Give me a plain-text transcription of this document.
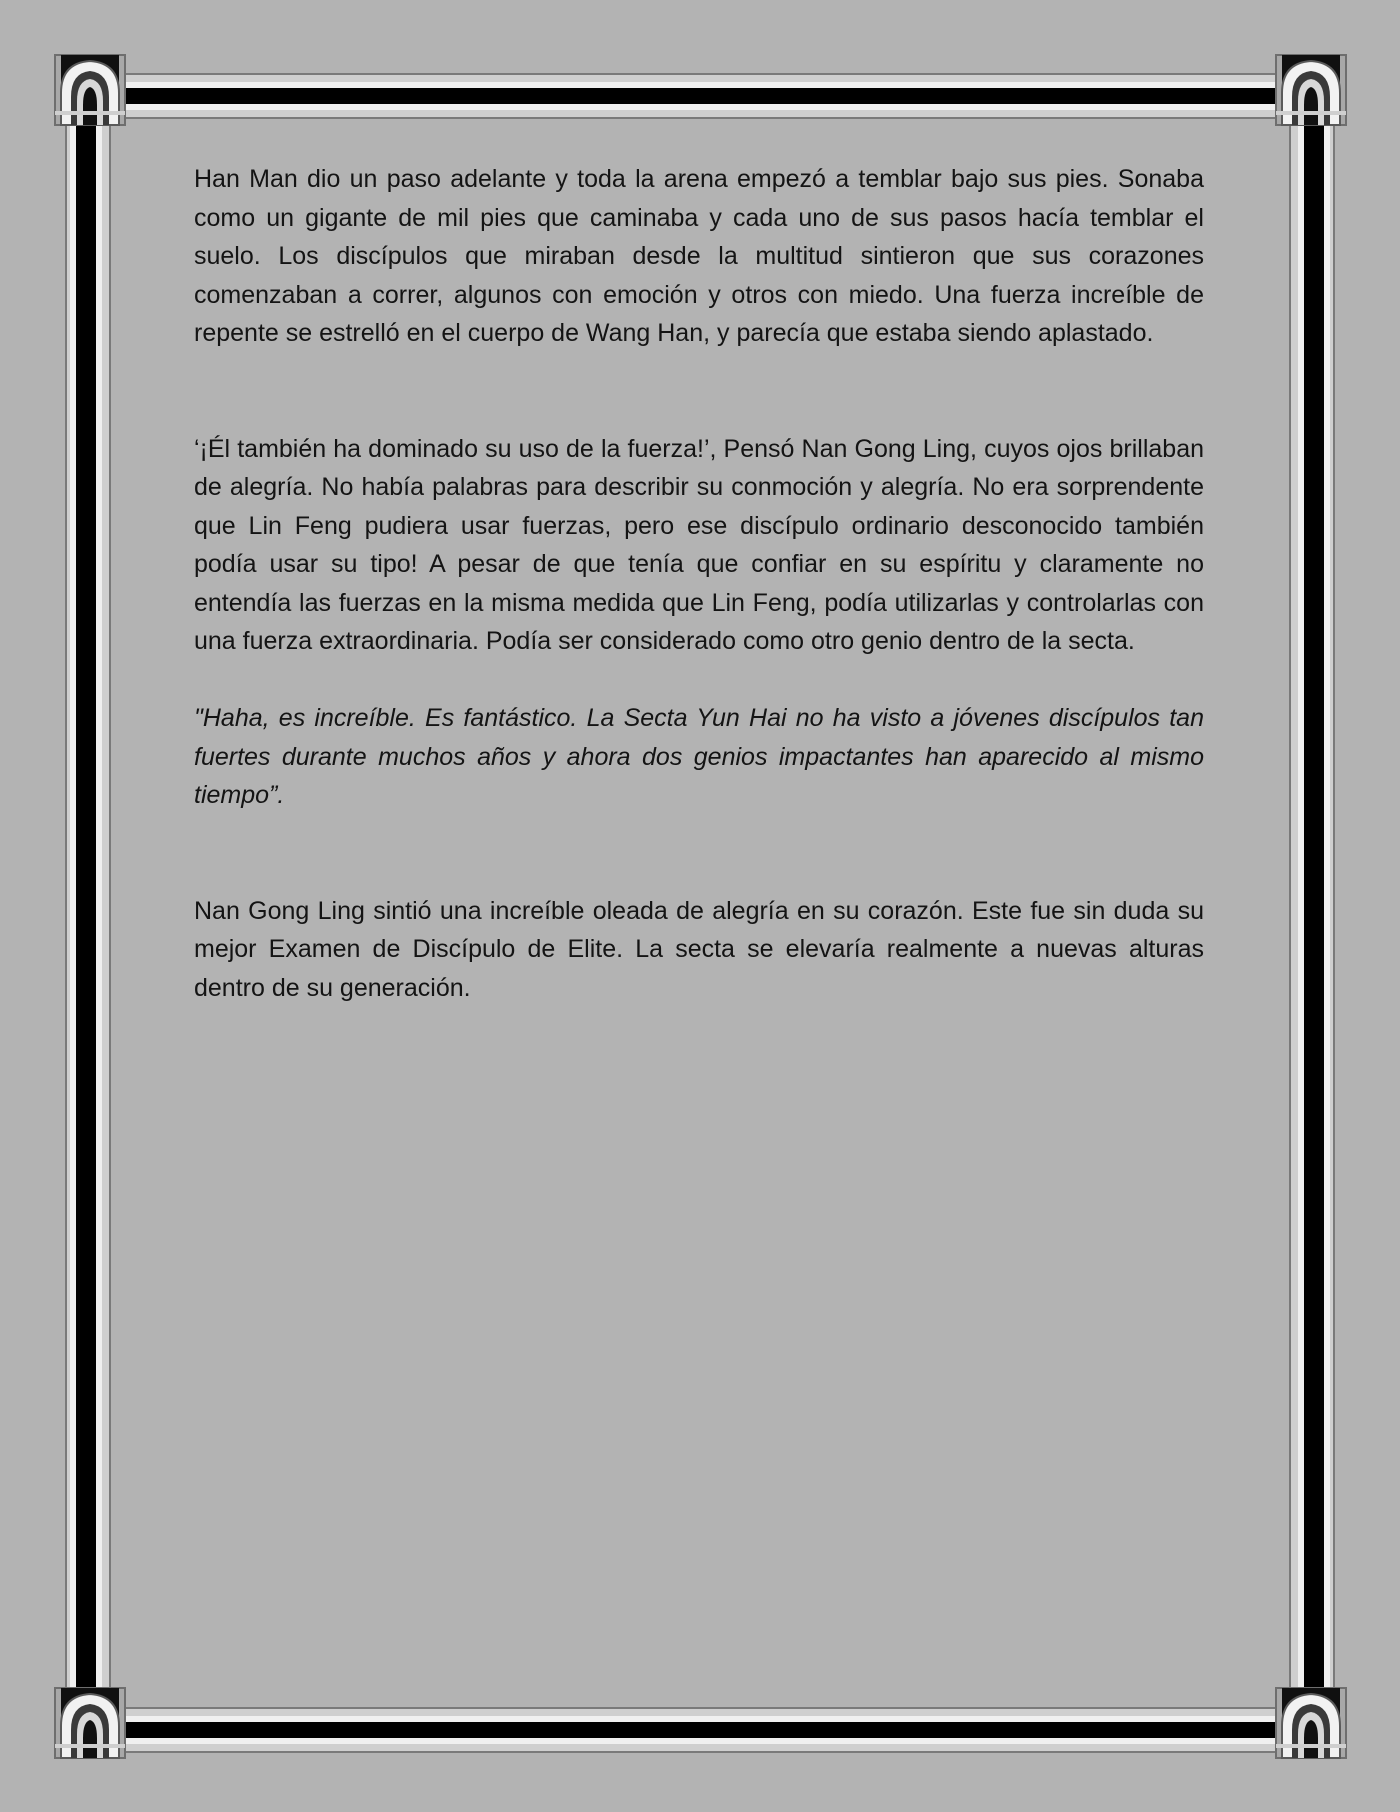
Han Man dio un paso adelante y toda la arena empezó a temblar bajo sus pies. Sonaba como un gigante de mil pies que caminaba y cada uno de sus pasos hacía temblar el suelo. Los discípulos que miraban desde la multitud sintieron que sus corazones comenzaban a correr, algunos con emoción y otros con miedo. Una fuerza increíble de repente se estrelló en el cuerpo de Wang Han, y parecía que estaba siendo aplastado.

‘¡Él también ha dominado su uso de la fuerza!’, Pensó Nan Gong Ling, cuyos ojos brillaban de alegría. No había palabras para describir su conmoción y alegría. No era sorprendente que Lin Feng pudiera usar fuerzas, pero ese discípulo ordinario desconocido también podía usar su tipo! A pesar de que tenía que confiar en su espíritu y claramente no entendía las fuerzas en la misma medida que Lin Feng, podía utilizarlas y controlarlas con una fuerza extraordinaria. Podía ser considerado como otro genio dentro de la secta.

"Haha, es increíble. Es fantástico. La Secta Yun Hai no ha visto a jóvenes discípulos tan fuertes durante muchos años y ahora dos genios impactantes han aparecido al mismo tiempo”.

Nan Gong Ling sintió una increíble oleada de alegría en su corazón. Este fue sin duda su mejor Examen de Discípulo de Elite. La secta se elevaría realmente a nuevas alturas dentro de su generación.
